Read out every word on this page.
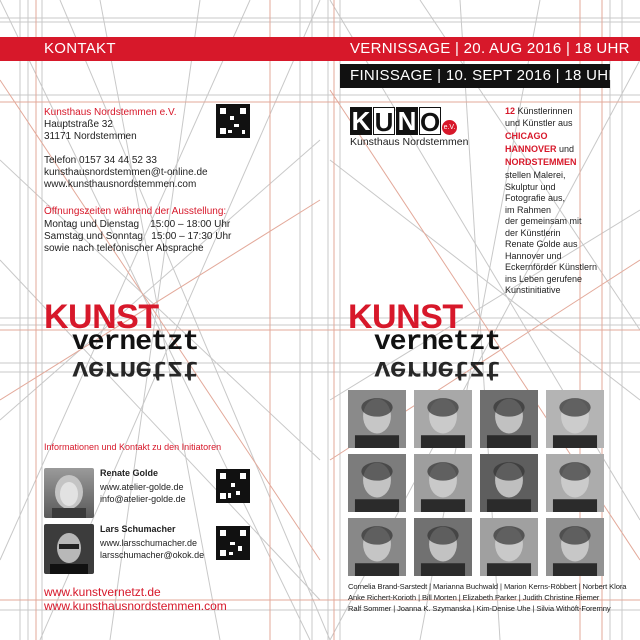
KONTAKT	VERNISSAGE | 20. AUG 2016 | 18 UHR
FINISSAGE | 10. SEPT 2016 | 18 UHR
Kunsthaus Nordstemmen e.V.
Hauptstraße 32
31171 Nordstemmen
Telefon 0157 34 44 52 33
kunsthausnordstemmen@t-online.de
www.kunsthausnordstemmen.com
Öffnungszeiten während der Ausstellung:
Montag und Dienstag    15:00 – 18:00 Uhr
Samstag und Sonntag   15:00 – 17:30 Uhr
sowie nach telefonischer Absprache
KUNST
vernetzt
vernetzt
Informationen und Kontakt zu den Initiatoren
Renate Golde
www.atelier-golde.de
info@atelier-golde.de
Lars Schumacher
www.larsschumacher.de
larsschumacher@okok.de
www.kunstvernetzt.de
www.kunsthausnordstemmen.com
K U N O e.V.
Kunsthaus Nordstemmen
12 Künstlerinnen
und Künstler aus
CHICAGO
HANNOVER und
NORDSTEMMEN
stellen Malerei,
Skulptur und
Fotografie aus,
im Rahmen
der gemeinsam mit
der Künstlerin
Renate Golde aus
Hannover und
Eckernförder Künstlern
ins Leben gerufene
Kunstinitiative
KUNST
vernetzt
vernetzt
Cornelia Brand-Sarstedt | Marianna Buchwald | Marion Kerns-Röbbert | Norbert Klora
Anke Richert-Korioth | Bill Morten | Elizabeth Parker | Judith Christine Riemer
Ralf Sommer | Joanna K. Szymanska | Kim-Denise Uhe | Silvia Withöft-Foremny
